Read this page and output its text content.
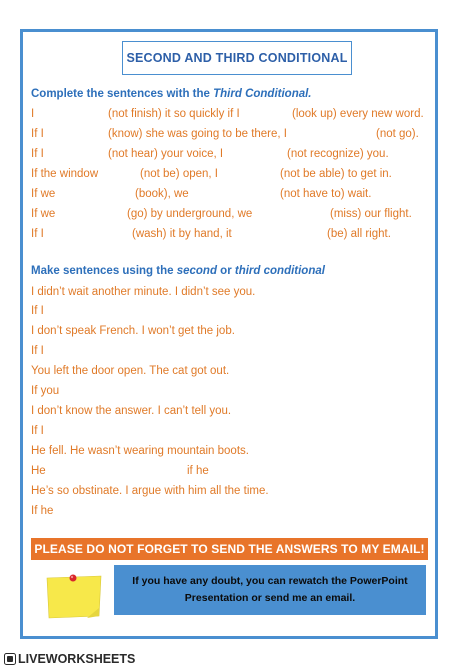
SECOND AND THIRD CONDITIONAL
Complete the sentences with the Third Conditional.
I	(not finish) it so quickly if I	(look up) every new word.
If I	(know) she was going to be there, I	(not go).
If I	(not hear) your voice, I	(not recognize) you.
If the window	(not be) open, I	(not be able) to get in.
If we	(book), we	(not have to) wait.
If we	(go) by underground, we	(miss) our flight.
If I	(wash) it by hand, it	(be) all right.
Make sentences using the second or third conditional
I didn’t wait another minute. I didn’t see you.
If I
I don’t speak French. I won’t get the job.
If I
You left the door open. The cat got out.
If you
I don’t know the answer. I can’t tell you.
If I
He fell. He wasn’t wearing mountain boots.
He	if he
He’s so obstinate. I argue with him all the time.
If he
PLEASE DO NOT FORGET TO SEND THE ANSWERS TO MY EMAIL!
If you have any doubt, you can rewatch the PowerPoint
Presentation or send me an email.
LIVEWORKSHEETS
